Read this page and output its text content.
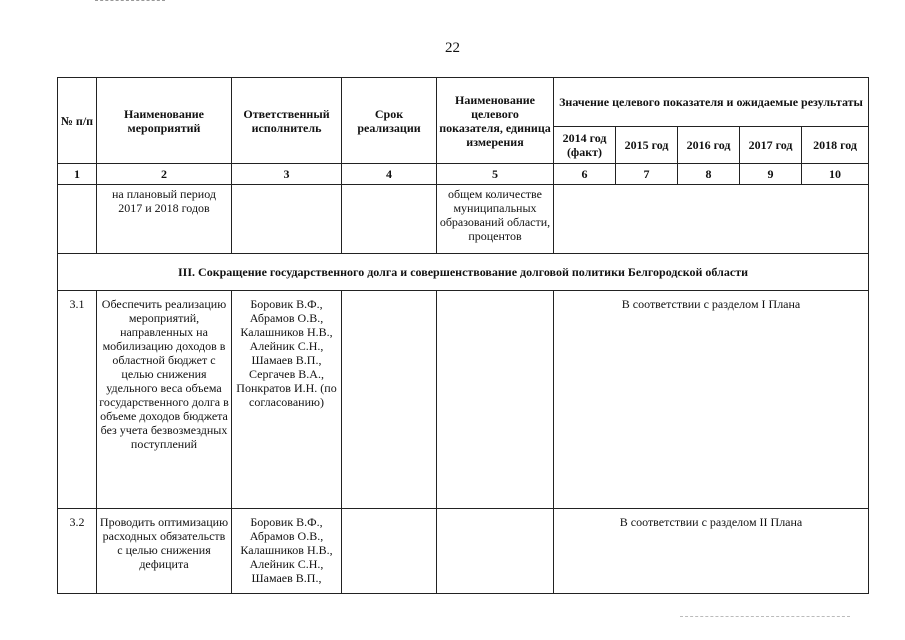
22
№ п/п	Наименование мероприятий	Ответственный исполнитель	Срок реализации	Наименование целевого показателя, единица измерения	Значение целевого показателя и ожидаемые результаты				
					2014 год (факт)	2015 год	2016 год	2017 год	2018 год
1	2	3	4	5	6	7	8	9	10
	на плановый период 2017 и 2018 годов			общем количестве муниципальных образований области, процентов					
III. Сокращение государственного долга и совершенствование долговой политики Белгородской области									
3.1	Обеспечить реализацию мероприятий, направленных на мобилизацию доходов в областной бюджет с целью снижения удельного веса объема государственного долга в объеме доходов бюджета без учета безвозмездных поступлений	Боровик В.Ф., Абрамов О.В., Калашников Н.В., Алейник С.Н., Шамаев В.П., Сергачев В.А., Понкратов И.Н. (по согласованию)			В соответствии с разделом I Плана				
3.2	Проводить оптимизацию расходных обязательств с целью снижения дефицита	Боровик В.Ф., Абрамов О.В., Калашников Н.В., Алейник С.Н., Шамаев В.П.,			В соответствии с разделом II Плана				
